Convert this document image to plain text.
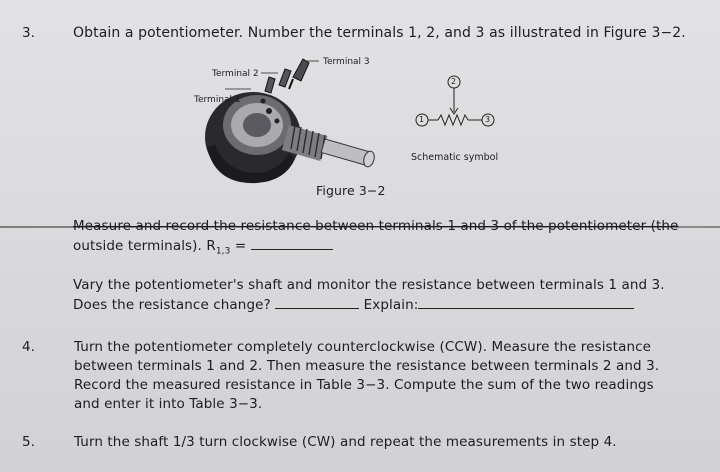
3.	Obtain a potentiometer. Number the terminals 1, 2, and 3 as illustrated in Figure 3−2.
Terminal 3
Terminal 2
Terminal 1
2
1	3
Schematic symbol
Figure 3−2
Measure and record the resistance between terminals 1 and 3 of the potentiometer (the
outside terminals). $R_{1,3}$ =
Vary the potentiometer's shaft and monitor the resistance between terminals 1 and 3.
Does the resistance change?	Explain:
4.	Turn the potentiometer completely counterclockwise (CCW). Measure the resistance
between terminals 1 and 2. Then measure the resistance between terminals 2 and 3.
Record the measured resistance in Table 3−3. Compute the sum of the two readings
and enter it into Table 3−3.
5.	Turn the shaft 1/3 turn clockwise (CW) and repeat the measurements in step 4.
